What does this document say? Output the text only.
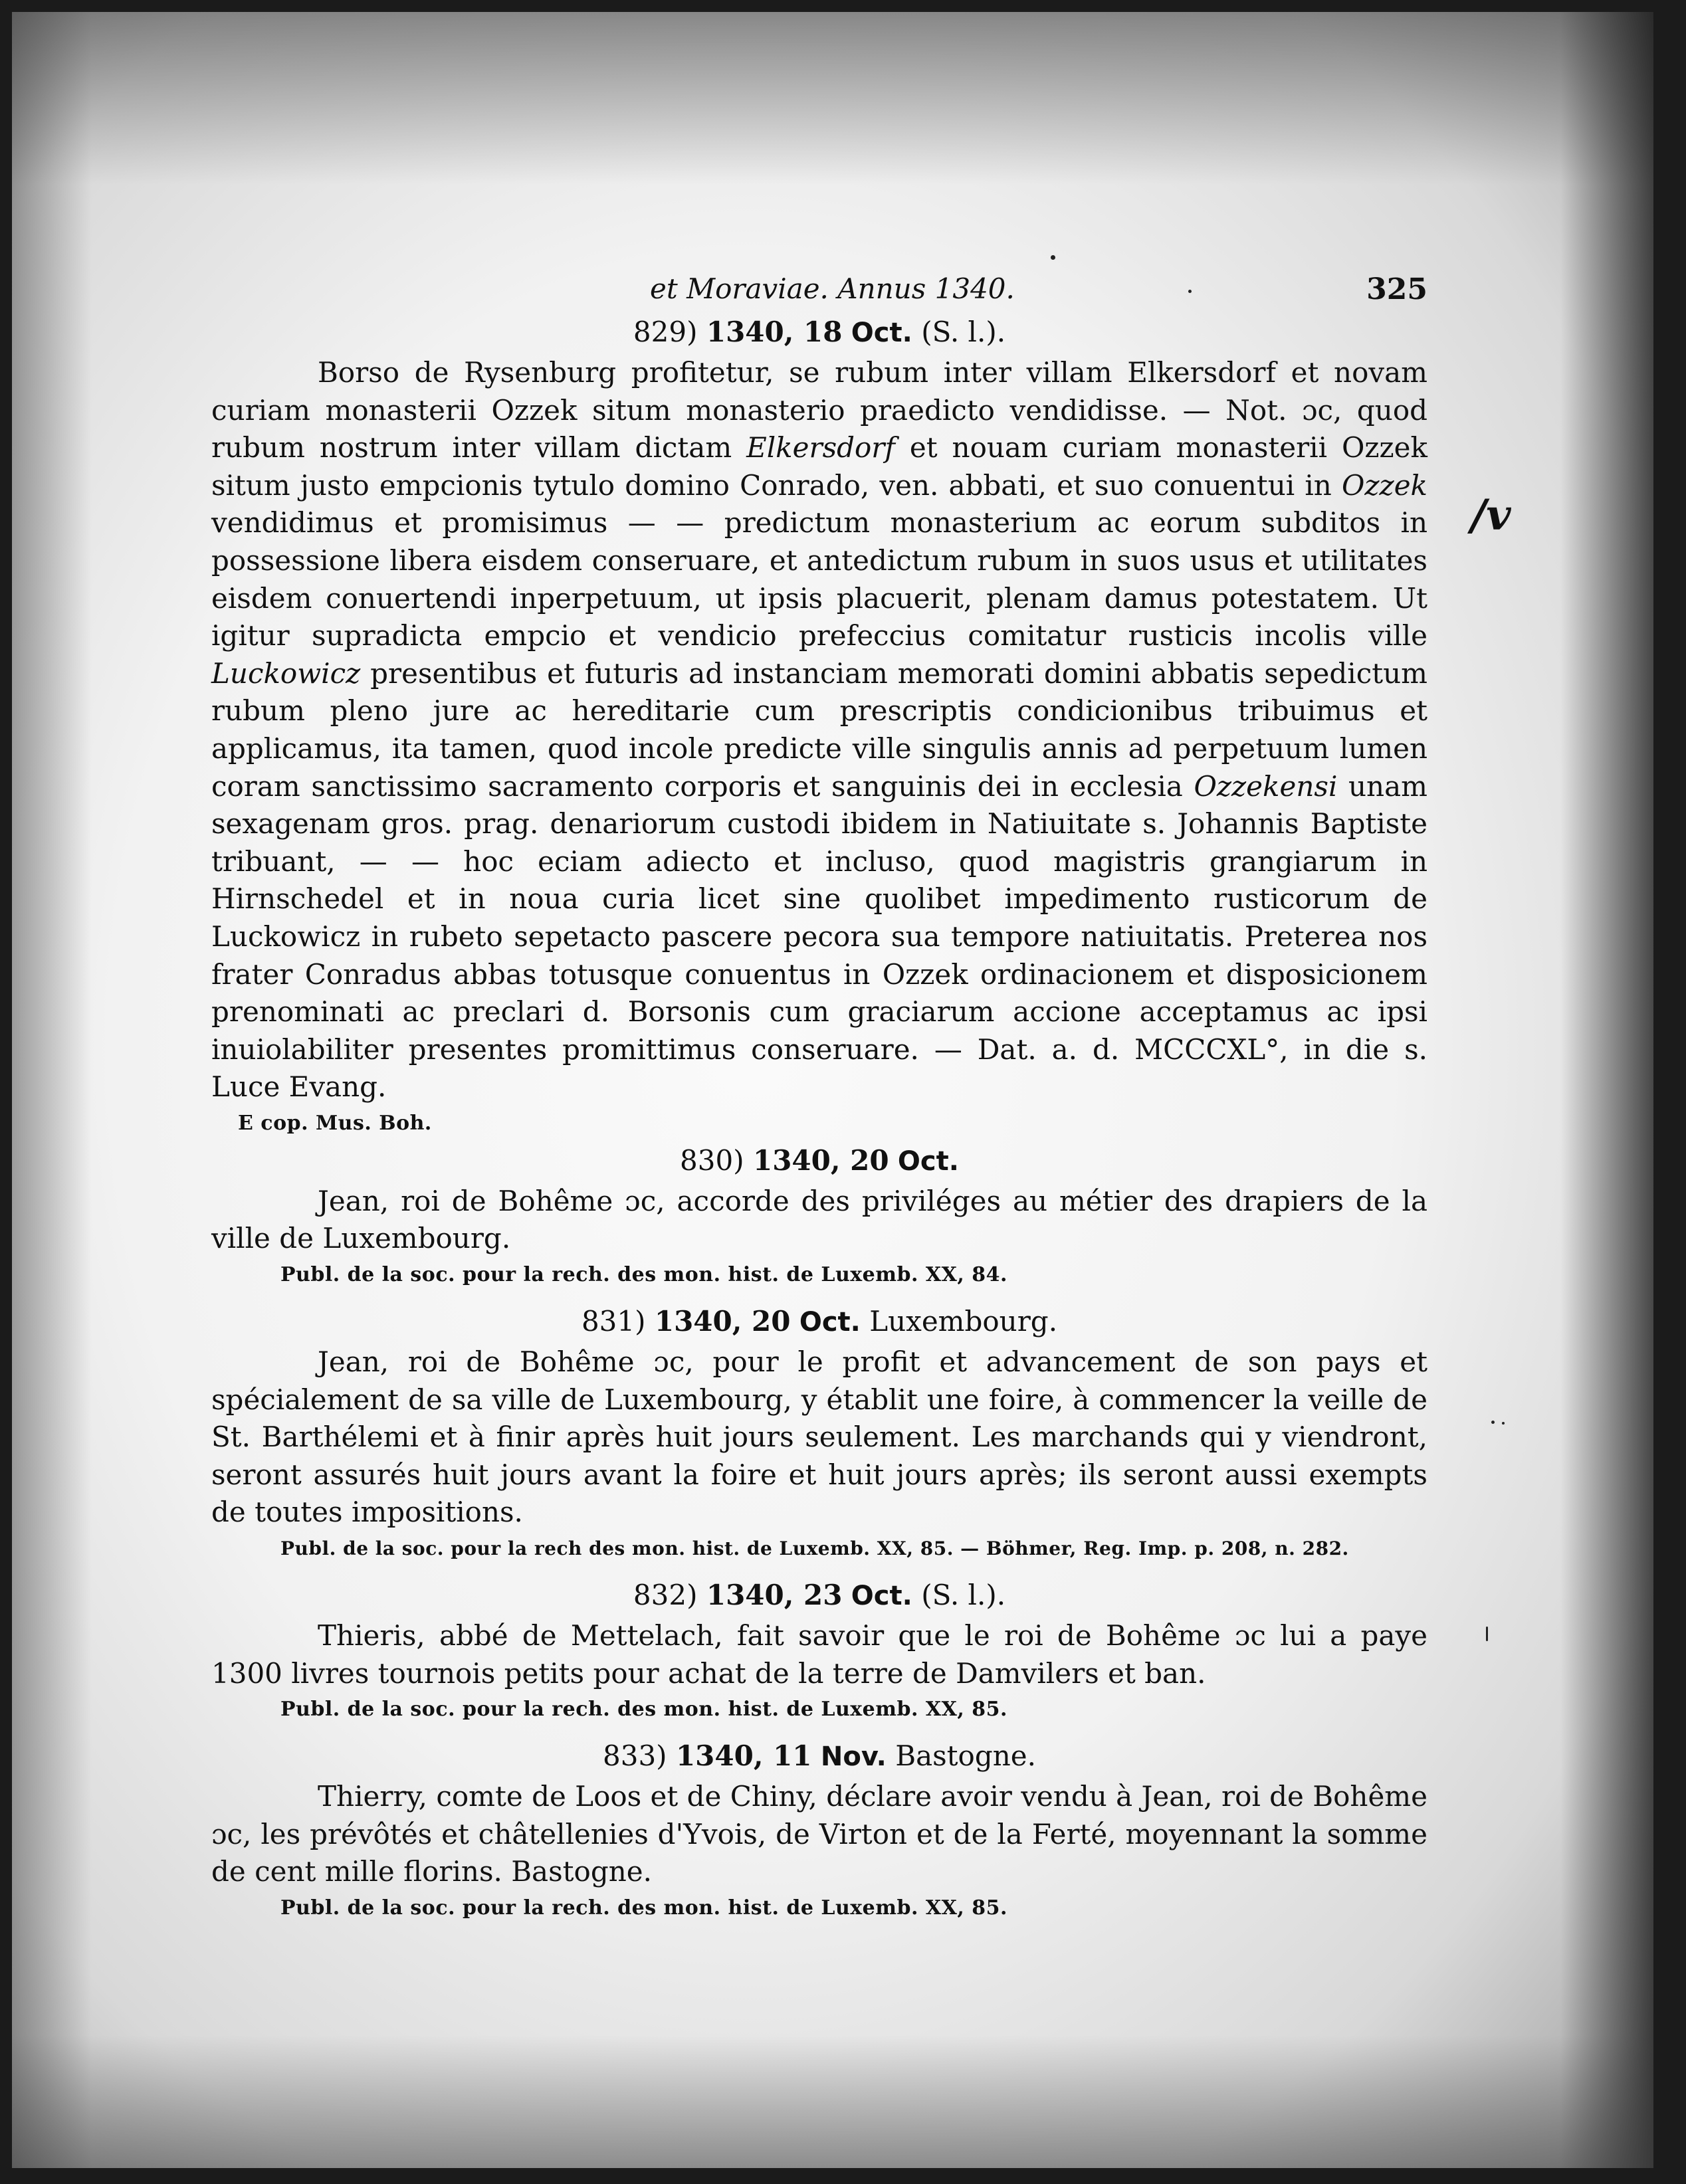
/v
et Moraviae. Annus 1340.	325
829) 1340, 18 Oct. (S. l.).

Borso de Rysenburg profitetur, se rubum inter villam Elkersdorf et novam curiam monasterii Ozzek situm monasterio praedicto vendidisse. — Not. ɔc, quod rubum nostrum inter villam dictam Elkersdorf et nouam curiam monasterii Ozzek situm justo empcionis tytulo domino Conrado, ven. abbati, et suo conuentui in Ozzek vendidimus et promisimus — — predictum monasterium ac eorum subditos in possessione libera eisdem conseruare, et antedictum rubum in suos usus et utilitates eisdem conuertendi inperpetuum, ut ipsis placuerit, plenam damus potestatem. Ut igitur supradicta empcio et vendicio prefeccius comitatur rusticis incolis ville Luckowicz presentibus et futuris ad instanciam memorati domini abbatis sepedictum rubum pleno jure ac hereditarie cum prescriptis condicionibus tribuimus et applicamus, ita tamen, quod incole predicte ville singulis annis ad perpetuum lumen coram sanctissimo sacramento corporis et sanguinis dei in ecclesia Ozzekensi unam sexagenam gros. prag. denariorum custodi ibidem in Natiuitate s. Johannis Baptiste tribuant, — — hoc eciam adiecto et incluso, quod magistris grangiarum in Hirnschedel et in noua curia licet sine quolibet impedimento rusticorum de Luckowicz in rubeto sepetacto pascere pecora sua tempore natiuitatis. Preterea nos frater Conradus abbas totusque conuentus in Ozzek ordinacionem et disposicionem prenominati ac preclari d. Borsonis cum graciarum accione acceptamus ac ipsi inuiolabiliter presentes promittimus conseruare. — Dat. a. d. MCCCXL°, in die s. Luce Evang.

E cop. Mus. Boh.
830) 1340, 20 Oct.

Jean, roi de Bohême ɔc, accorde des priviléges au métier des drapiers de la ville de Luxembourg.

Publ. de la soc. pour la rech. des mon. hist. de Luxemb. XX, 84.
831) 1340, 20 Oct. Luxembourg.

Jean, roi de Bohême ɔc, pour le profit et advancement de son pays et spécialement de sa ville de Luxembourg, y établit une foire, à commencer la veille de St. Barthélemi et à finir après huit jours seulement. Les marchands qui y viendront, seront assurés huit jours avant la foire et huit jours après; ils seront aussi exempts de toutes impositions.

Publ. de la soc. pour la rech des mon. hist. de Luxemb. XX, 85. — Böhmer, Reg. Imp. p. 208, n. 282.
832) 1340, 23 Oct. (S. l.).

Thieris, abbé de Mettelach, fait savoir que le roi de Bohême ɔc lui a paye 1300 livres tournois petits pour achat de la terre de Damvilers et ban.

Publ. de la soc. pour la rech. des mon. hist. de Luxemb. XX, 85.
833) 1340, 11 Nov. Bastogne.

Thierry, comte de Loos et de Chiny, déclare avoir vendu à Jean, roi de Bohême ɔc, les prévôtés et châtellenies d'Yvois, de Virton et de la Ferté, moyennant la somme de cent mille florins. Bastogne.

Publ. de la soc. pour la rech. des mon. hist. de Luxemb. XX, 85.
